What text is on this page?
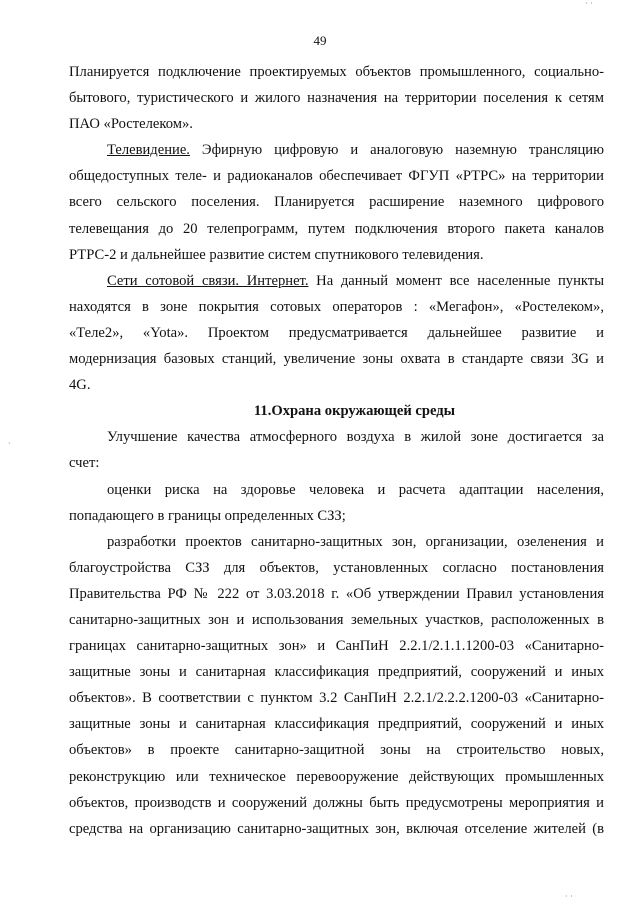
49
· ·
·
· ·
Планируется подключение проектируемых объектов промышленного, социально-
бытового, туристического и жилого назначения на территории поселения к сетям
ПАО «Ростелеком».
Телевидение. Эфирную цифровую и аналоговую наземную трансляцию
общедоступных теле- и радиоканалов обеспечивает ФГУП «РТРС» на территории
всего сельского поселения. Планируется расширение наземного цифрового
телевещания до 20 телепрограмм, путем подключения второго пакета каналов
РТРС-2 и дальнейшее развитие систем спутникового телевидения.
Сети сотовой связи. Интернет. На данный момент все населенные пункты
находятся в зоне покрытия сотовых операторов : «Мегафон», «Ростелеком»,
«Теле2», «Yota». Проектом предусматривается дальнейшее развитие и
модернизация базовых станций, увеличение зоны охвата в стандарте связи 3G и
4G.
11.Охрана окружающей среды
Улучшение качества атмосферного воздуха в жилой зоне достигается за
счет:
оценки риска на здоровье человека и расчета адаптации населения,
попадающего в границы определенных СЗЗ;
разработки проектов санитарно-защитных зон, организации, озеленения и
благоустройства СЗЗ для объектов, установленных согласно постановления
Правительства РФ № 222 от 3.03.2018 г. «Об утверждении Правил установления
санитарно-защитных зон и использования земельных участков, расположенных в
границах санитарно-защитных зон» и СанПиН 2.2.1/2.1.1.1200-03 «Санитарно-
защитные зоны и санитарная классификация предприятий, сооружений и иных
объектов». В соответствии с пунктом 3.2 СанПиН 2.2.1/2.2.2.1200-03 «Санитарно-
защитные зоны и санитарная классификация предприятий, сооружений и иных
объектов» в проекте санитарно-защитной зоны на строительство новых,
реконструкцию или техническое перевооружение действующих промышленных
объектов, производств и сооружений должны быть предусмотрены мероприятия и
средства на организацию санитарно-защитных зон, включая отселение жителей (в
